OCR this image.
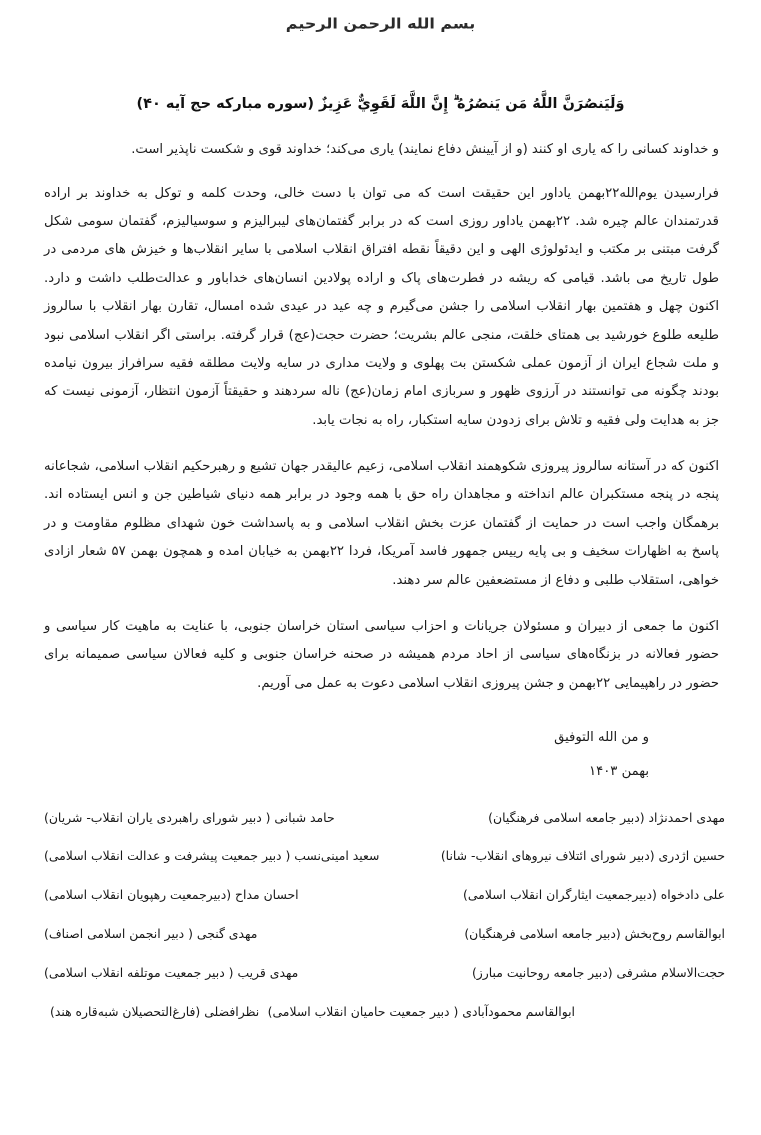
بسم الله الرحمن الرحیم
وَلَيَنصُرَنَّ اللَّهُ مَن يَنصُرُهُ ۗ إِنَّ اللَّهَ لَقَوِيٌّ عَزِيزٌ (سوره مبارکه حج آیه ۴۰)

و خداوند کسانی را که یاری او کنند (و از آیینش دفاع نمایند) یاری می‌کند؛ خداوند قوی و شکست ناپذیر است.

فرارسیدن یوم‌الله۲۲بهمن یاداور این حقیقت است که می توان با دست خالی، وحدت کلمه و توکل به خداوند بر اراده قدرتمندان عالم چیره شد. ۲۲بهمن یاداور روزی است که در برابر گفتمان‌های لیبرالیزم و سوسیالیزم، گفتمان سومی شکل گرفت مبتنی بر مکتب و ایدئولوژی الهی و این دقیقاً نقطه افتراق انقلاب اسلامی با سایر انقلاب‌ها و خیزش های مردمی در طول تاریخ می باشد. قیامی که ریشه در فطرت‌های پاک و اراده پولادین انسان‌های خداباور و عدالت‌طلب داشت و دارد. اکنون چهل و هفتمین بهار انقلاب اسلامی را جشن می‌گیرم و چه عید در عیدی شده امسال، تقارن بهار انقلاب با سالروز طلیعه طلوع خورشید بی همتای خلقت، منجی عالم بشریت؛ حضرت حجت(عج) قرار گرفته. براستی اگر انقلاب اسلامی نبود و ملت شجاع ایران از آزمون عملی شکستن بت پهلوی و ولایت مداری در سایه ولایت مطلقه فقیه سرافراز بیرون نیامده بودند چگونه می توانستند در آرزوی ظهور و سربازی امام زمان(عج) ناله سردهند و حقیقتاً آزمون انتظار، آزمونی نیست که جز به هدایت ولی فقیه و تلاش برای زدودن سایه استکبار، راه به نجات یابد.

اکنون که در آستانه سالروز پیروزی شکوهمند انقلاب اسلامی، زعیم عالیقدر جهان تشیع و رهبرحکیم انقلاب اسلامی، شجاعانه پنجه در پنجه مستکبران عالم انداخته و مجاهدان راه حق با همه وجود در برابر همه دنیای شیاطین جن و انس ایستاده اند. برهمگان واجب است در حمایت از گفتمان عزت بخش انقلاب اسلامی و به پاسداشت خون شهدای مظلوم مقاومت و در پاسخ به اظهارات سخیف و بی پایه رییس جمهور فاسد آمریکا، فردا ۲۲بهمن به خیابان امده و همچون بهمن ۵۷ شعار ازادی خواهی، استقلاب طلبی و دفاع از مستضعفین عالم سر دهند.

اکنون ما جمعی از دبیران و مسئولان جریانات و احزاب سیاسی استان خراسان جنوبی، با عنایت به ماهیت کار سیاسی و حضور فعالانه در بزنگاه‌های سیاسی از احاد مردم همیشه در صحنه خراسان جنوبی و کلیه فعالان سیاسی صمیمانه برای حضور در راهپیمایی ۲۲بهمن و جشن پیروزی انقلاب اسلامی دعوت به عمل می آوریم.

و من الله التوفیق
بهمن ۱۴۰۳
مهدی احمدنژاد (دبیر جامعه اسلامی فرهنگیان)
حامد شبانی ( دبیر شورای راهبردی یاران انقلاب- شریان)
حسین اژدری (دبیر شورای ائتلاف نیروهای انقلاب- شانا)
سعید امینی‌نسب ( دبیر جمعیت پیشرفت و عدالت انقلاب اسلامی)
علی دادخواه (دبیرجمعیت ایثارگران انقلاب اسلامی)
احسان مداح (دبیرجمعیت رهپویان انقلاب اسلامی)
ابوالقاسم روح‌بخش (دبیر جامعه اسلامی فرهنگیان)
مهدی گنجی ( دبیر انجمن اسلامی اصناف)
حجت‌الاسلام مشرفی (دبیر جامعه روحانیت مبارز)
مهدی قریب ( دبیر جمعیت موتلفه انقلاب اسلامی)
ابوالقاسم محمودآبادی ( دبیر جمعیت حامیان انقلاب اسلامی)
نظرافضلی (فارغ‌التحصیلان شبه‌قاره هند)
